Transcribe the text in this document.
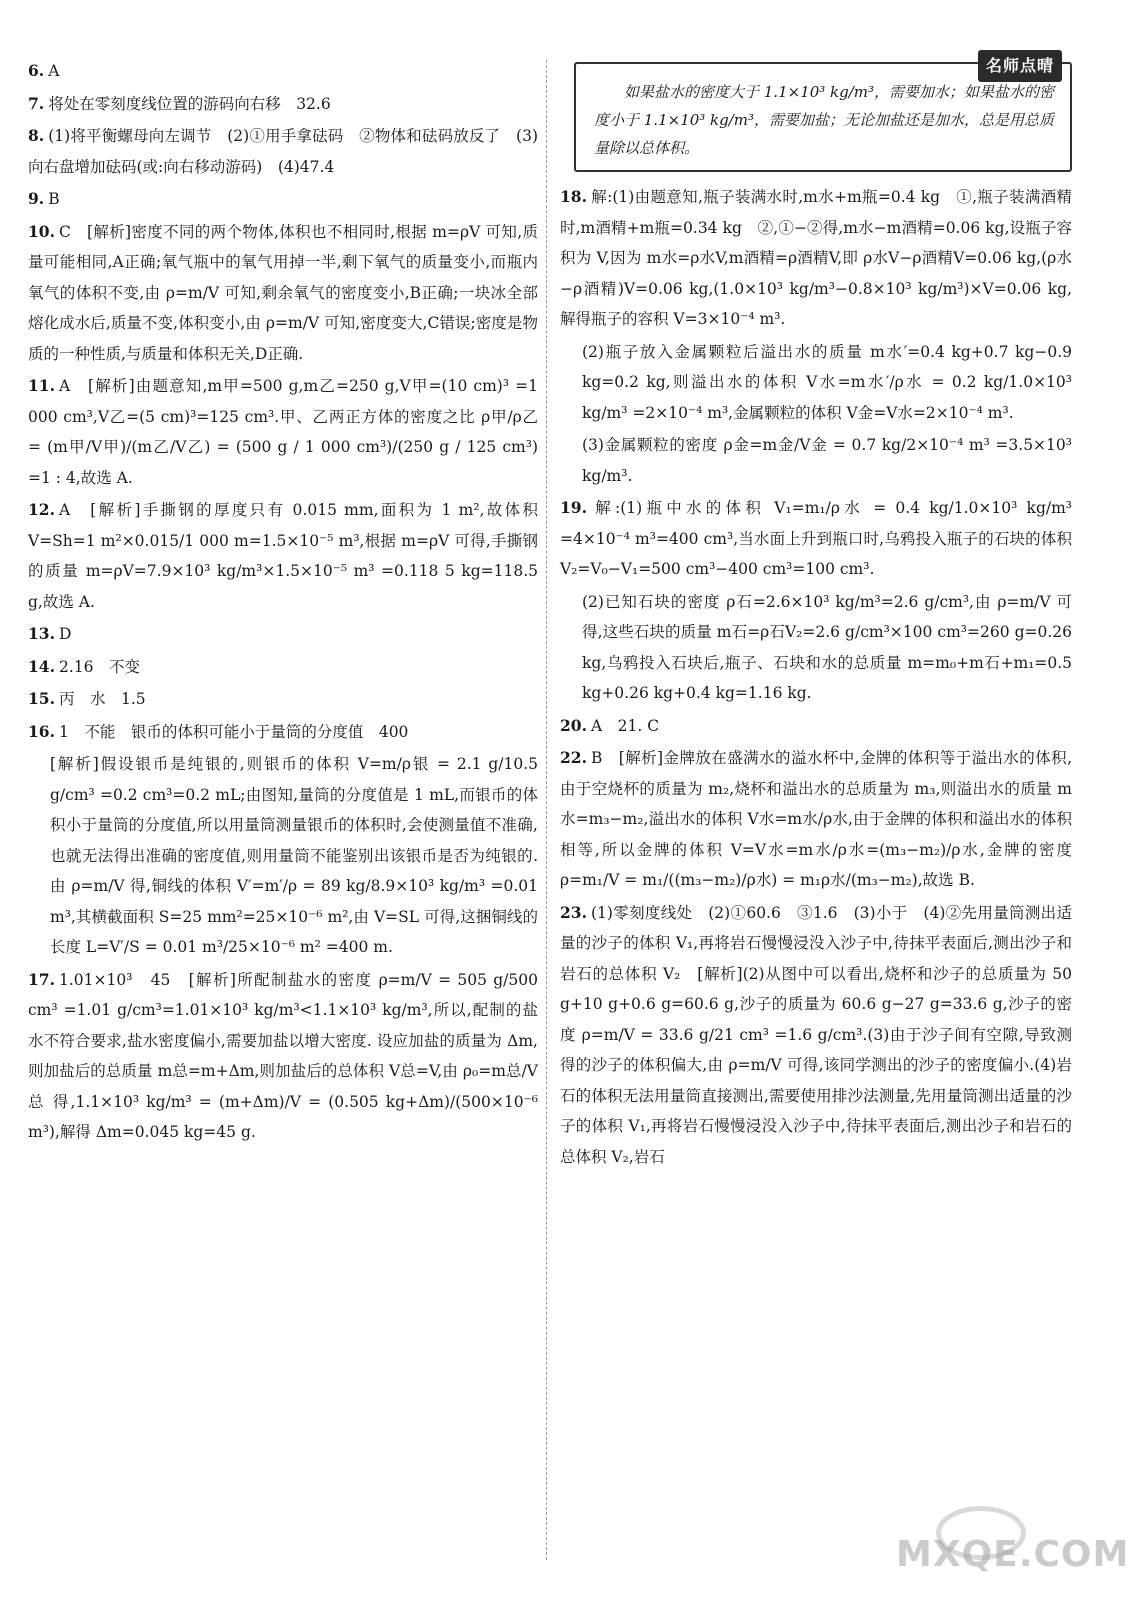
6. A
7. 将处在零刻度线位置的游码向右移　32.6
8. (1)将平衡螺母向左调节　(2)①用手拿砝码　②物体和砝码放反了　(3)向右盘增加砝码(或:向右移动游码)　(4)47.4
9. B
10. C　[解析]密度不同的两个物体,体积也不相同时,根据 m=ρV 可知,质量可能相同,A正确;氧气瓶中的氧气用掉一半,剩下氧气的质量变小,而瓶内氧气的体积不变,由 ρ=m/V 可知,剩余氧气的密度变小,B正确;一块冰全部熔化成水后,质量不变,体积变小,由 ρ=m/V 可知,密度变大,C错误;密度是物质的一种性质,与质量和体积无关,D正确.
11. A　[解析]由题意知,m甲=500 g,m乙=250 g,V甲=(10 cm)³ =1 000 cm³,V乙=(5 cm)³=125 cm³.甲、乙两正方体的密度之比 ρ甲/ρ乙 = (m甲/V甲)/(m乙/V乙) = (500 g / 1 000 cm³)/(250 g / 125 cm³) =1 : 4,故选 A.
12. A　[解析]手撕钢的厚度只有 0.015 mm,面积为 1 m²,故体积 V=Sh=1 m²×0.015/1 000 m=1.5×10⁻⁵ m³,根据 m=ρV 可得,手撕钢的质量 m=ρV=7.9×10³ kg/m³×1.5×10⁻⁵ m³ =0.118 5 kg=118.5 g,故选 A.
13. D
14. 2.16　不变
15. 丙　水　1.5
16. 1　不能　银币的体积可能小于量筒的分度值　400
[解析]假设银币是纯银的,则银币的体积 V=m/ρ银 = 2.1 g/10.5 g/cm³ =0.2 cm³=0.2 mL;由图知,量筒的分度值是 1 mL,而银币的体积小于量筒的分度值,所以用量筒测量银币的体积时,会使测量值不准确,也就无法得出准确的密度值,则用量筒不能鉴别出该银币是否为纯银的. 由 ρ=m/V 得,铜线的体积 V′=m′/ρ = 89 kg/8.9×10³ kg/m³ =0.01 m³,其横截面积 S=25 mm²=25×10⁻⁶ m²,由 V=SL 可得,这捆铜线的长度 L=V′/S = 0.01 m³/25×10⁻⁶ m² =400 m.
17. 1.01×10³　45　[解析]所配制盐水的密度 ρ=m/V = 505 g/500 cm³ =1.01 g/cm³=1.01×10³ kg/m³<1.1×10³ kg/m³,所以,配制的盐水不符合要求,盐水密度偏小,需要加盐以增大密度. 设应加盐的质量为 Δm,则加盐后的总质量 m总=m+Δm,则加盐后的总体积 V总=V,由 ρ₀=m总/V总 得,1.1×10³ kg/m³ = (m+Δm)/V = (0.505 kg+Δm)/(500×10⁻⁶ m³),解得 Δm=0.045 kg=45 g.
名师点晴
如果盐水的密度大于 1.1×10³ kg/m³，需要加水；如果盐水的密度小于 1.1×10³ kg/m³，需要加盐；无论加盐还是加水，总是用总质量除以总体积。
18. 解:(1)由题意知,瓶子装满水时,m水+m瓶=0.4 kg　①,瓶子装满酒精时,m酒精+m瓶=0.34 kg　②,①−②得,m水−m酒精=0.06 kg,设瓶子容积为 V,因为 m水=ρ水V,m酒精=ρ酒精V,即 ρ水V−ρ酒精V=0.06 kg,(ρ水−ρ酒精)V=0.06 kg,(1.0×10³ kg/m³−0.8×10³ kg/m³)×V=0.06 kg,解得瓶子的容积 V=3×10⁻⁴ m³.
(2)瓶子放入金属颗粒后溢出水的质量 m水′=0.4 kg+0.7 kg−0.9 kg=0.2 kg,则溢出水的体积 V水=m水′/ρ水 = 0.2 kg/1.0×10³ kg/m³ =2×10⁻⁴ m³,金属颗粒的体积 V金=V水=2×10⁻⁴ m³.
(3)金属颗粒的密度 ρ金=m金/V金 = 0.7 kg/2×10⁻⁴ m³ =3.5×10³ kg/m³.
19. 解:(1)瓶中水的体积 V₁=m₁/ρ水 = 0.4 kg/1.0×10³ kg/m³ =4×10⁻⁴ m³=400 cm³,当水面上升到瓶口时,乌鸦投入瓶子的石块的体积 V₂=V₀−V₁=500 cm³−400 cm³=100 cm³.
(2)已知石块的密度 ρ石=2.6×10³ kg/m³=2.6 g/cm³,由 ρ=m/V 可得,这些石块的质量 m石=ρ石V₂=2.6 g/cm³×100 cm³=260 g=0.26 kg,乌鸦投入石块后,瓶子、石块和水的总质量 m=m₀+m石+m₁=0.5 kg+0.26 kg+0.4 kg=1.16 kg.
20. A　21. C
22. B　[解析]金牌放在盛满水的溢水杯中,金牌的体积等于溢出水的体积,由于空烧杯的质量为 m₂,烧杯和溢出水的总质量为 m₃,则溢出水的质量 m水=m₃−m₂,溢出水的体积 V水=m水/ρ水,由于金牌的体积和溢出水的体积相等,所以金牌的体积 V=V水=m水/ρ水=(m₃−m₂)/ρ水,金牌的密度 ρ=m₁/V = m₁/((m₃−m₂)/ρ水) = m₁ρ水/(m₃−m₂),故选 B.
23. (1)零刻度线处　(2)①60.6　③1.6　(3)小于　(4)②先用量筒测出适量的沙子的体积 V₁,再将岩石慢慢浸没入沙子中,待抹平表面后,测出沙子和岩石的总体积 V₂　[解析](2)从图中可以看出,烧杯和沙子的总质量为 50 g+10 g+0.6 g=60.6 g,沙子的质量为 60.6 g−27 g=33.6 g,沙子的密度 ρ=m/V = 33.6 g/21 cm³ =1.6 g/cm³.(3)由于沙子间有空隙,导致测得的沙子的体积偏大,由 ρ=m/V 可得,该同学测出的沙子的密度偏小.(4)岩石的体积无法用量筒直接测出,需要使用排沙法测量,先用量筒测出适量的沙子的体积 V₁,再将岩石慢慢浸没入沙子中,待抹平表面后,测出沙子和岩石的总体积 V₂,岩石
MXQE.COM
